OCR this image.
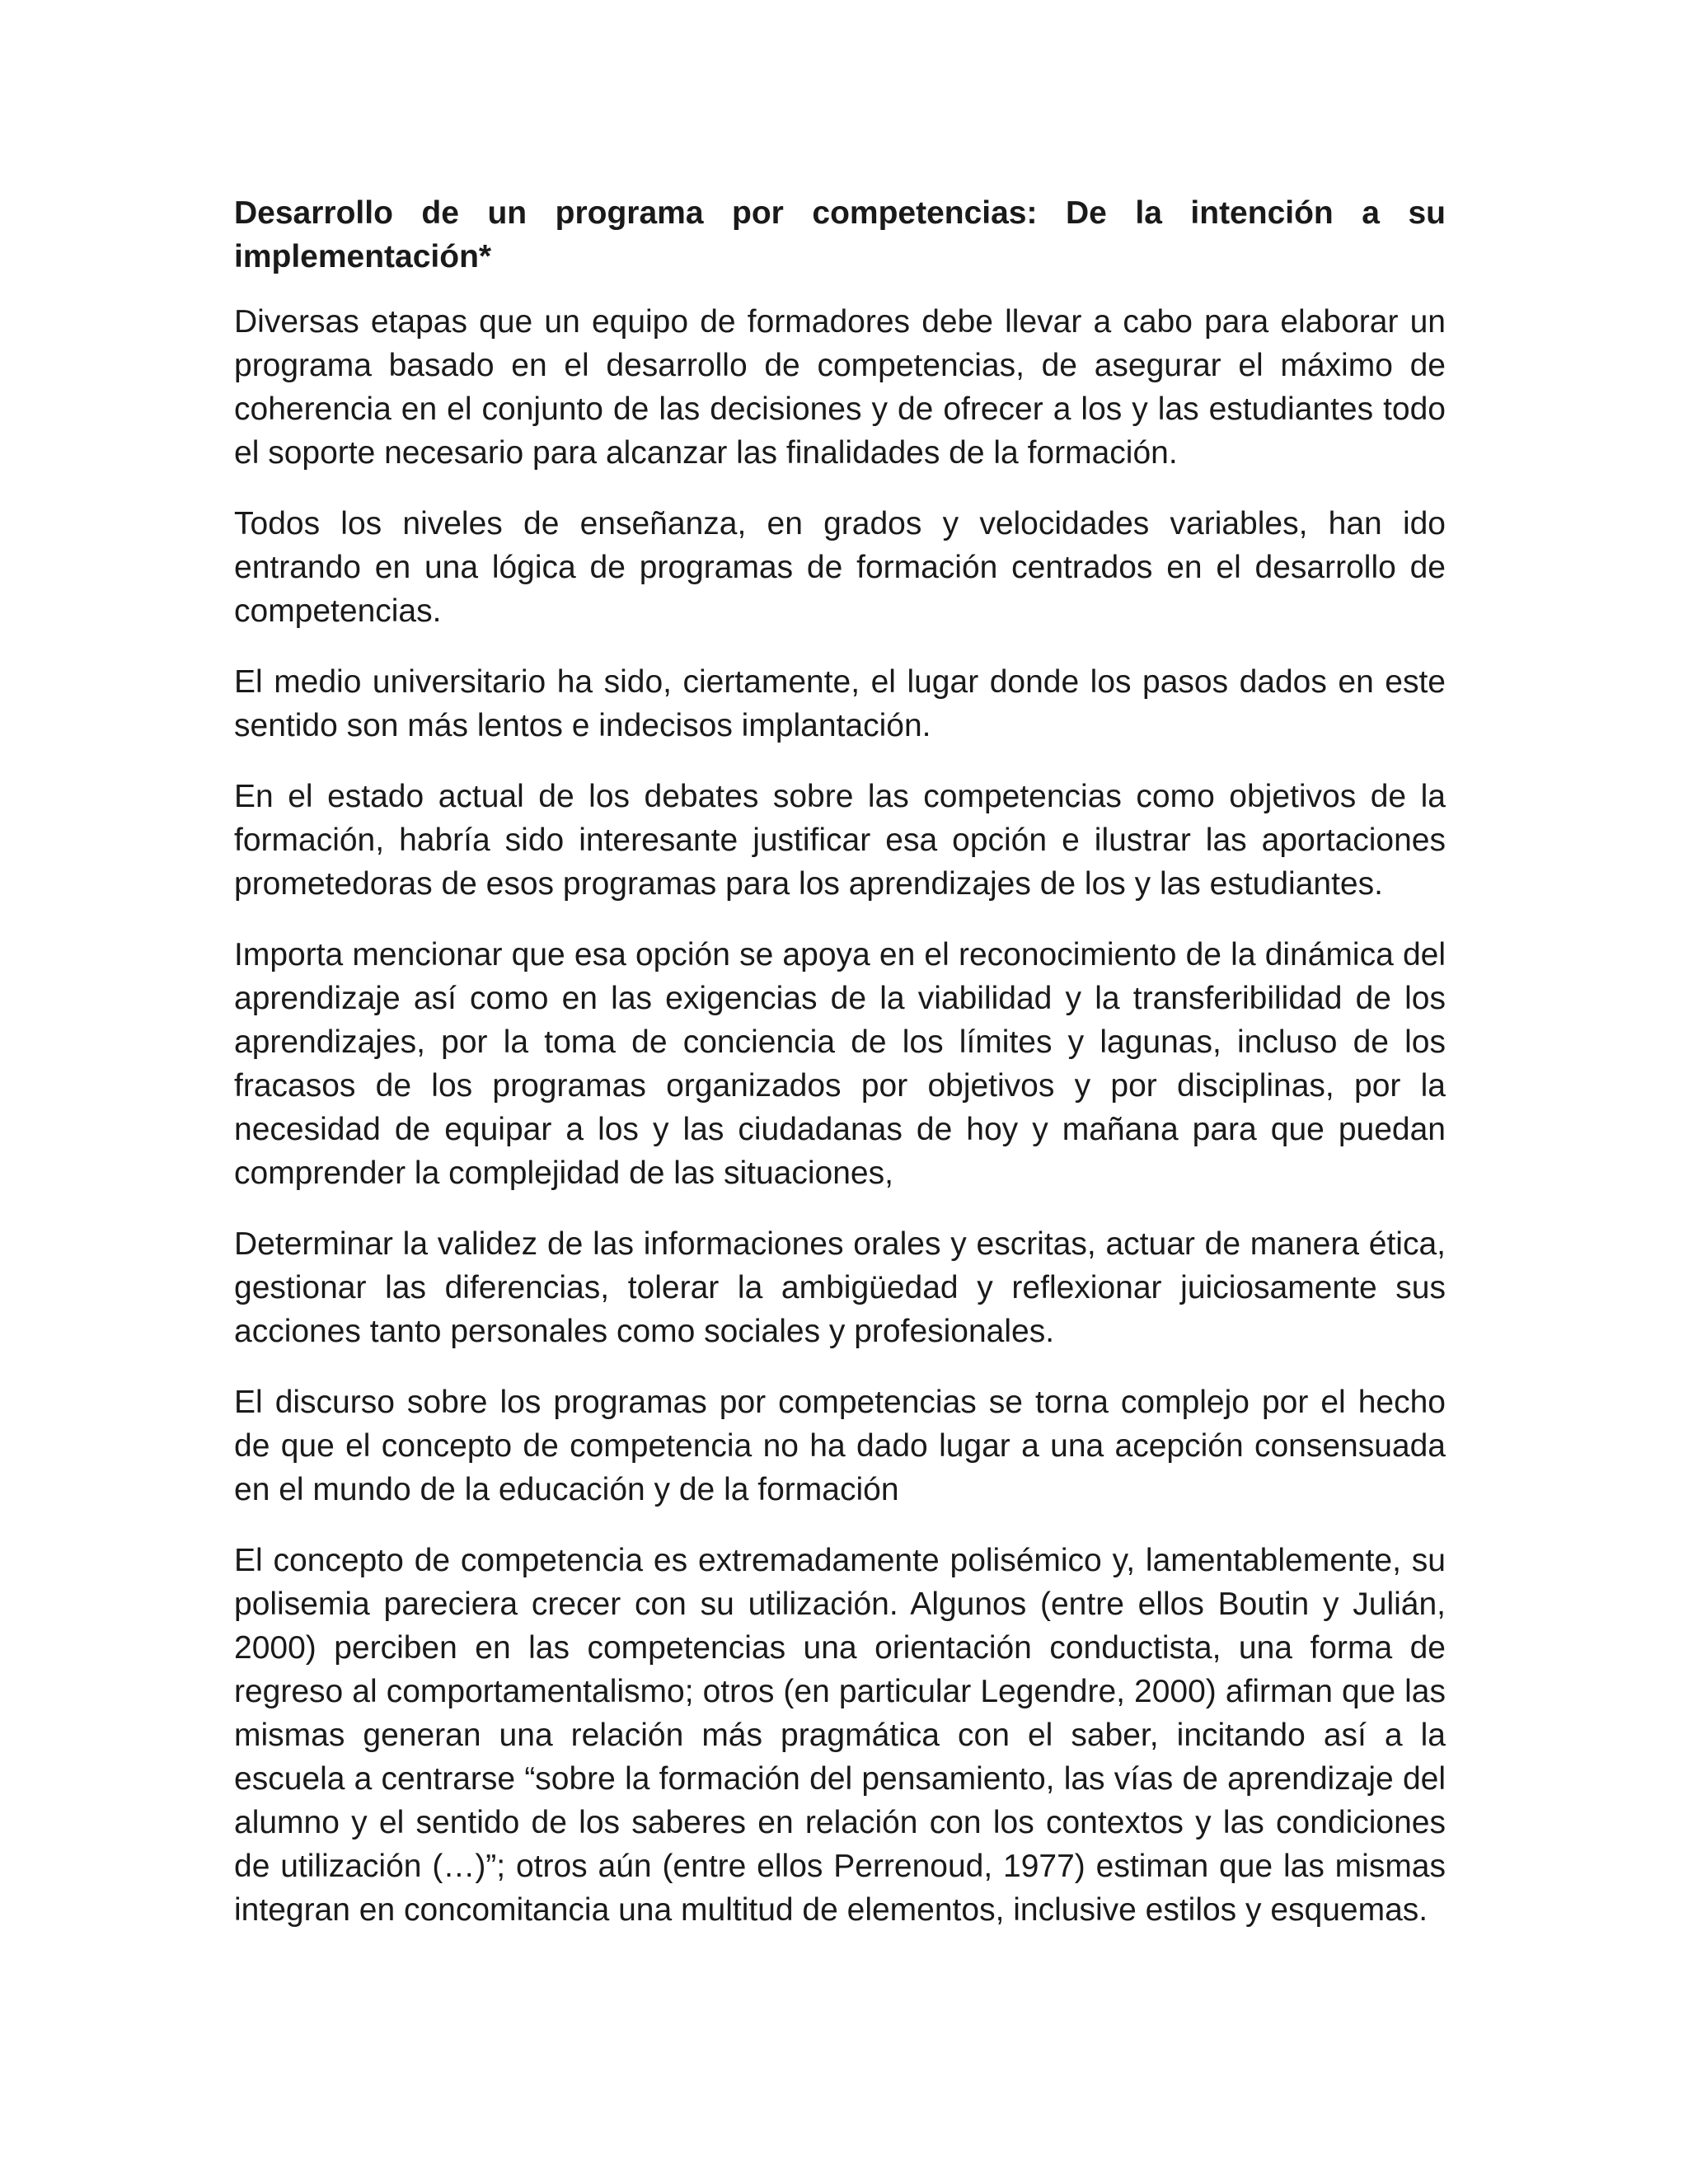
Desarrollo de un programa por competencias: De la intención a su implementación*

Diversas etapas que un equipo de formadores debe llevar a cabo para elaborar un programa basado en el desarrollo de competencias, de asegurar el máximo de coherencia en el conjunto de las decisiones y de ofrecer a los y las estudiantes todo el soporte necesario para alcanzar las finalidades de la formación.

Todos los niveles de enseñanza, en grados y velocidades variables, han ido entrando en una lógica de programas de formación centrados en el desarrollo de competencias.

El medio universitario ha sido, ciertamente, el lugar donde los pasos dados en este sentido son más lentos e indecisos implantación.

En el estado actual de los debates sobre las competencias como objetivos de la formación, habría sido interesante justificar esa opción e ilustrar las aportaciones prometedoras de esos programas para los aprendizajes de los y las estudiantes.

Importa mencionar que esa opción se apoya en el reconocimiento de la dinámica del aprendizaje así como en las exigencias de la viabilidad y la transferibilidad de los aprendizajes, por la toma de conciencia de los límites y lagunas, incluso de los fracasos de los programas organizados por objetivos y por disciplinas, por la necesidad de equipar a los y las ciudadanas de hoy y mañana para que puedan comprender la complejidad de las situaciones,

Determinar la validez de las informaciones orales y escritas, actuar de manera ética, gestionar las diferencias, tolerar la ambigüedad y reflexionar juiciosamente sus acciones tanto personales como sociales y profesionales.

El discurso sobre los programas por competencias se torna complejo por el hecho de que el concepto de competencia no ha dado lugar a una acepción consensuada en el mundo de la educación y de la formación

El concepto de competencia es extremadamente polisémico y, lamentablemente, su polisemia pareciera crecer con su utilización. Algunos (entre ellos Boutin y Julián, 2000) perciben en las competencias una orientación conductista, una forma de regreso al comportamentalismo; otros (en particular Legendre, 2000) afirman que las mismas generan una relación más pragmática con el saber, incitando así a la escuela a centrarse “sobre la formación del pensamiento, las vías de aprendizaje del alumno y el sentido de los saberes en relación con los contextos y las condiciones de utilización (…)”; otros aún (entre ellos Perrenoud, 1977) estiman que las mismas integran en concomitancia una multitud de elementos, inclusive estilos y esquemas.
